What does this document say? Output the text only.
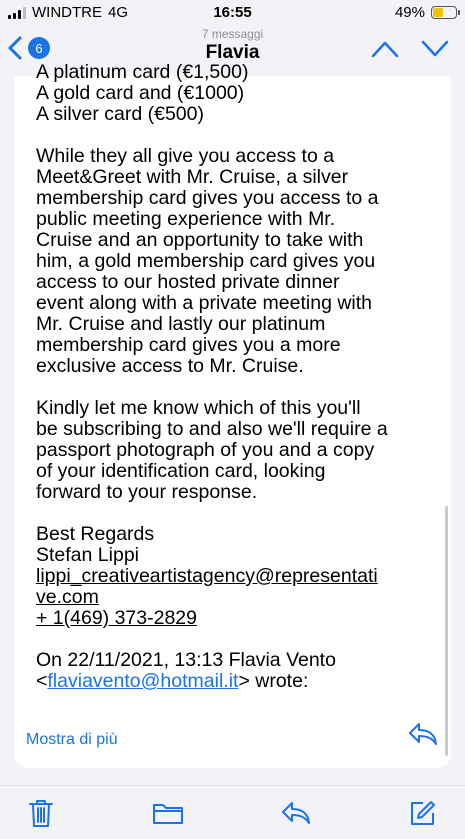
WINDTRE 4G	16:55	49%
6
7 messaggi
Flavia
A platinum card (€1,500)
A gold card and (€1000)
A silver card (€500)

While they all give you access to a
Meet&Greet with Mr. Cruise, a silver
membership card gives you access to a
public meeting experience with Mr.
Cruise and an opportunity to take with
him, a gold membership card gives you
access to our hosted private dinner
event along with a private meeting with
Mr. Cruise and lastly our platinum
membership card gives you a more
exclusive access to Mr. Cruise.

Kindly let me know which of this you'll
be subscribing to and also we'll require a
passport photograph of you and a copy
of your identification card, looking
forward to your response.

Best Regards
Stefan Lippi
lippi_creativeartistagency@representati
ve.com
+ 1(469) 373-2829
On 22/11/2021, 13:13 Flavia Vento
<flaviavento@hotmail.it> wrote:
Mostra di più
